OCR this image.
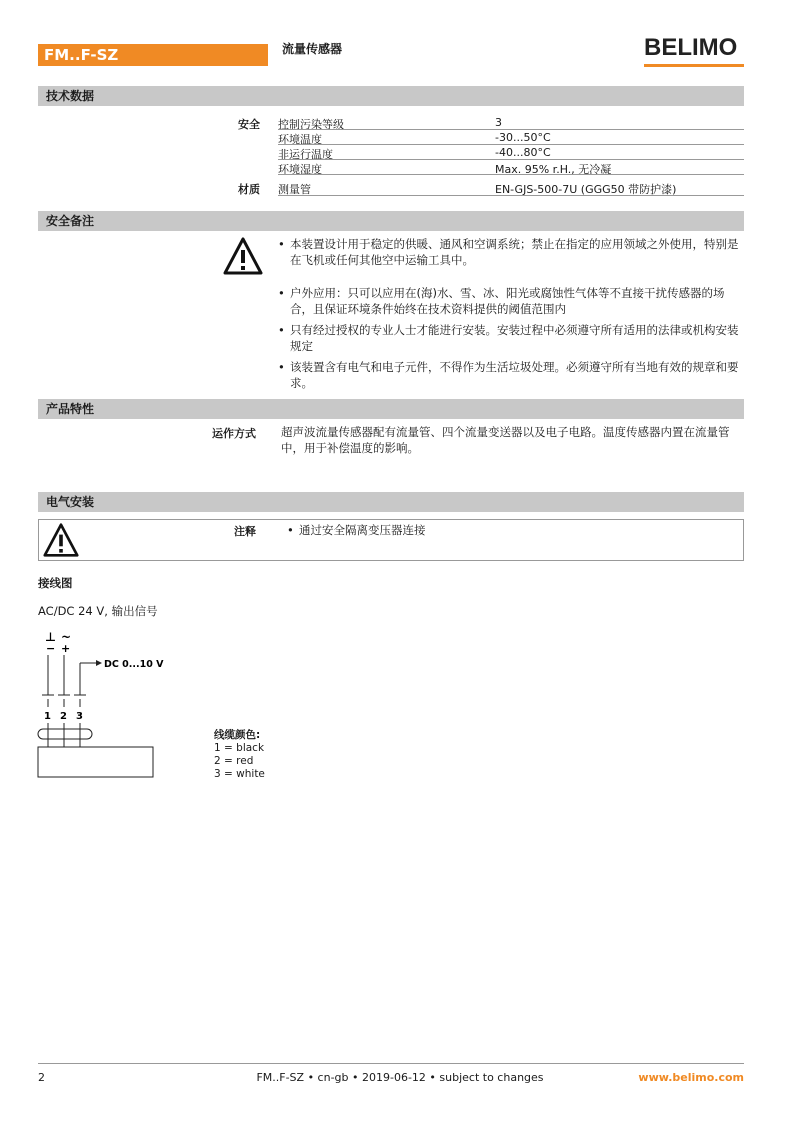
FM..F-SZ	流量传感器	BELIMO
技术数据
安全 控制污染等级	3
环境温度	-30...50°C
非运行温度	-40...80°C
环境湿度	Max. 95% r.H., 无冷凝
材质 测量管	EN-GJS-500-7U (GGG50 带防护漆)
安全备注
• 本装置设计用于稳定的供暖、通风和空调系统；禁止在指定的应用领域之外使用，特别是在飞机或任何其他空中运输工具中。
• 户外应用：只可以应用在(海)水、雪、冰、阳光或腐蚀性气体等不直接干扰传感器的场合，且保证环境条件始终在技术资料提供的阈值范围内
• 只有经过授权的专业人士才能进行安装。安装过程中必须遵守所有适用的法律或机构安装规定
• 该装置含有电气和电子元件，不得作为生活垃圾处理。必须遵守所有当地有效的规章和要求。
产品特性
运作方式 超声波流量传感器配有流量管、四个流量变送器以及电子电路。温度传感器内置在流量管中，用于补偿温度的影响。
电气安装
注释
•	通过安全隔离变压器连接
接线图
AC/DC 24 V, 输出信号
⊥
−
~
+
DC 0...10 V
1 2 3
线缆颜色:
1 = black
2 = red
3 = white
2	FM..F-SZ • cn-gb • 2019-06-12 • subject to changes	www.belimo.com
